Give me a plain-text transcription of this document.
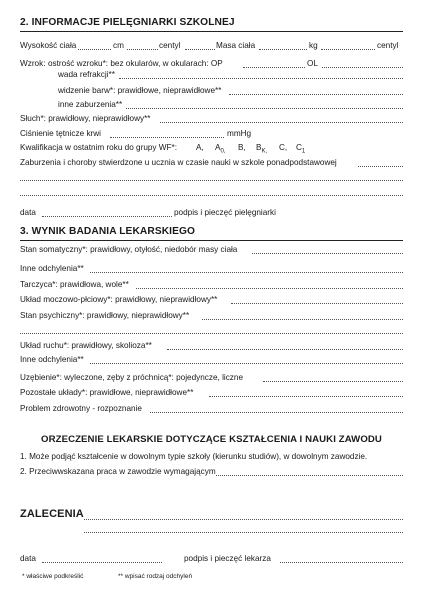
2. INFORMACJE PIELĘGNIARKI SZKOLNEJ
Wysokość ciała	cm	centyl	Masa ciała	kg	centyl
Wzrok: ostrość wzroku*: bez okularów, w okularach: OP	OL
wada refrakcji**
widzenie barw*: prawidłowe, nieprawidłowe**
inne zaburzenia**
Słuch*: prawidłowy, nieprawidłowy**
Ciśnienie tętnicze krwi	mmHg
Kwalifikacja w ostatnim roku do grupy WF*: A, $A_{0,}$ B, $B_{K,}$ C, $C_1$
Zaburzenia i choroby stwierdzone u ucznia w czasie nauki w szkole ponadpodstawowej
data	podpis i pieczęć pielęgniarki
3. WYNIK BADANIA LEKARSKIEGO
Stan somatyczny*: prawidłowy, otyłość, niedobór masy ciała
Inne odchylenia**
Tarczyca*: prawidłowa, wole**
Układ moczowo-płciowy*: prawidłowy, nieprawidłowy**
Stan psychiczny*: prawidłowy, nieprawidłowy**
Układ ruchu*: prawidłowy, skolioza**
Inne odchylenia**
Uzębienie*: wyleczone, zęby z próchnicą*: pojedyncze, liczne
Pozostałe układy*: prawidłowe, nieprawidłowe**
Problem zdrowotny - rozpoznanie
ORZECZENIE LEKARSKIE DOTYCZĄCE KSZTAŁCENIA I NAUKI ZAWODU
1. Może podjąć kształcenie w dowolnym typie szkoły (kierunku studiów), w dowolnym zawodzie.
2. Przeciwwskazana praca w zawodzie wymagającym
ZALECENIA
data	podpis i pieczęć lekarza
* właściwe podkreślić	** wpisać rodzaj odchyleń
